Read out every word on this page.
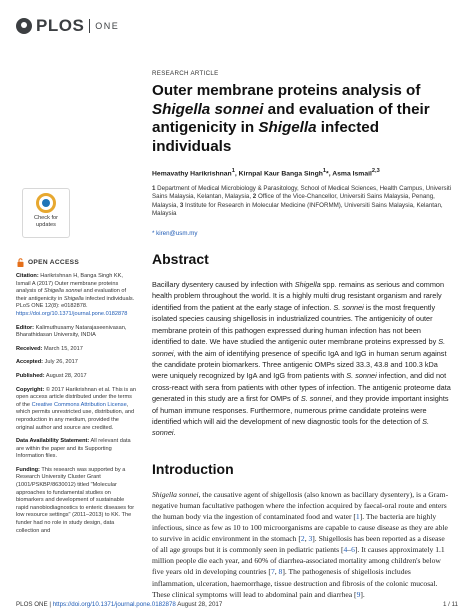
PLOS ONE
Check for
updates
OPEN ACCESS

Citation: Harikrishnan H, Banga Singh KK, Ismail A (2017) Outer membrane proteins analysis of Shigella sonnei and evaluation of their antigenicity in Shigella infected individuals. PLoS ONE 12(8): e0182878. https://doi.org/10.1371/journal.pone.0182878

Editor: Kalimuthusamy Natarajaseenivasan, Bharathidasan University, INDIA

Received: March 15, 2017

Accepted: July 26, 2017

Published: August 28, 2017

Copyright: © 2017 Harikrishnan et al. This is an open access article distributed under the terms of the Creative Commons Attribution License, which permits unrestricted use, distribution, and reproduction in any medium, provided the original author and source are credited.

Data Availability Statement: All relevant data are within the paper and its Supporting Information files.

Funding: This research was supported by a Research University Cluster Grant (1001/PSKBP/8630012) titled "Molecular approaches to fundamental studies on biomarkers and development of sustainable rapid nanobiodiagnostics to enteric diseases for low resource settings" (2011–2013) to KK. The funder had no role in study design, data collection and

RESEARCH ARTICLE
Outer membrane proteins analysis of Shigella sonnei and evaluation of their antigenicity in Shigella infected individuals
Hemavathy Harikrishnan$^1$, Kirnpal Kaur Banga Singh$^1$*, Asma Ismail$^{2,3}$
1 Department of Medical Microbiology & Parasitology, School of Medical Sciences, Health Campus, Universiti Sains Malaysia, Kelantan, Malaysia, 2 Office of the Vice-Chancellor, Universiti Sains Malaysia, Penang, Malaysia, 3 Institute for Research in Molecular Medicine (INFORMM), Universiti Sains Malaysia, Kelantan, Malaysia
* kiren@usm.my
Abstract

Bacillary dysentery caused by infection with Shigella spp. remains as serious and common health problem throughout the world. It is a highly multi drug resistant organism and rarely identified from the patient at the early stage of infection. S. sonnei is the most frequently isolated species causing shigellosis in industrialized countries. The antigenicity of outer membrane protein of this pathogen expressed during human infection has not been identified to date. We have studied the antigenic outer membrane proteins expressed by S. sonnei, with the aim of identifying presence of specific IgA and IgG in human serum against the candidate protein biomarkers. Three antigenic OMPs sized 33.3, 43.8 and 100.3 kDa were uniquely recognized by IgA and IgG from patients with S. sonnei infection, and did not cross-react with sera from patients with other types of infection. The antigenic proteome data generated in this study are a first for OMPs of S. sonnei, and they provide important insights of human immune responses. Furthermore, numerous prime candidate proteins were identified which will aid the development of new diagnostic tools for the detection of S. sonnei.

Introduction

Shigella sonnei, the causative agent of shigellosis (also known as bacillary dysentery), is a Gram-negative human facultative pathogen where the infection acquired by faecal-oral route and enters the human body via the ingestion of contaminated food and water [1]. The bacteria are highly infectious, since as few as 10 to 100 microorganisms are capable to cause disease as they are able to survive in acidic environment in the stomach [2, 3]. Shigellosis has been reported as a disease of all age groups but it is commonly seen in pediatric patients [4–6]. It causes approximately 1.1 million people die each year, and 60% of diarrhea-associated mortality among children's below five years old in developing countries [7, 8]. The pathogenesis of shigellosis includes inflammation, ulceration, haemorrhage, tissue destruction and fibrosis of the colonic mucosal. These clinical symptoms will lead to abdominal pain and diarrhea [9].

PLOS ONE | https://doi.org/10.1371/journal.pone.0182878 August 28, 2017	1 / 11
